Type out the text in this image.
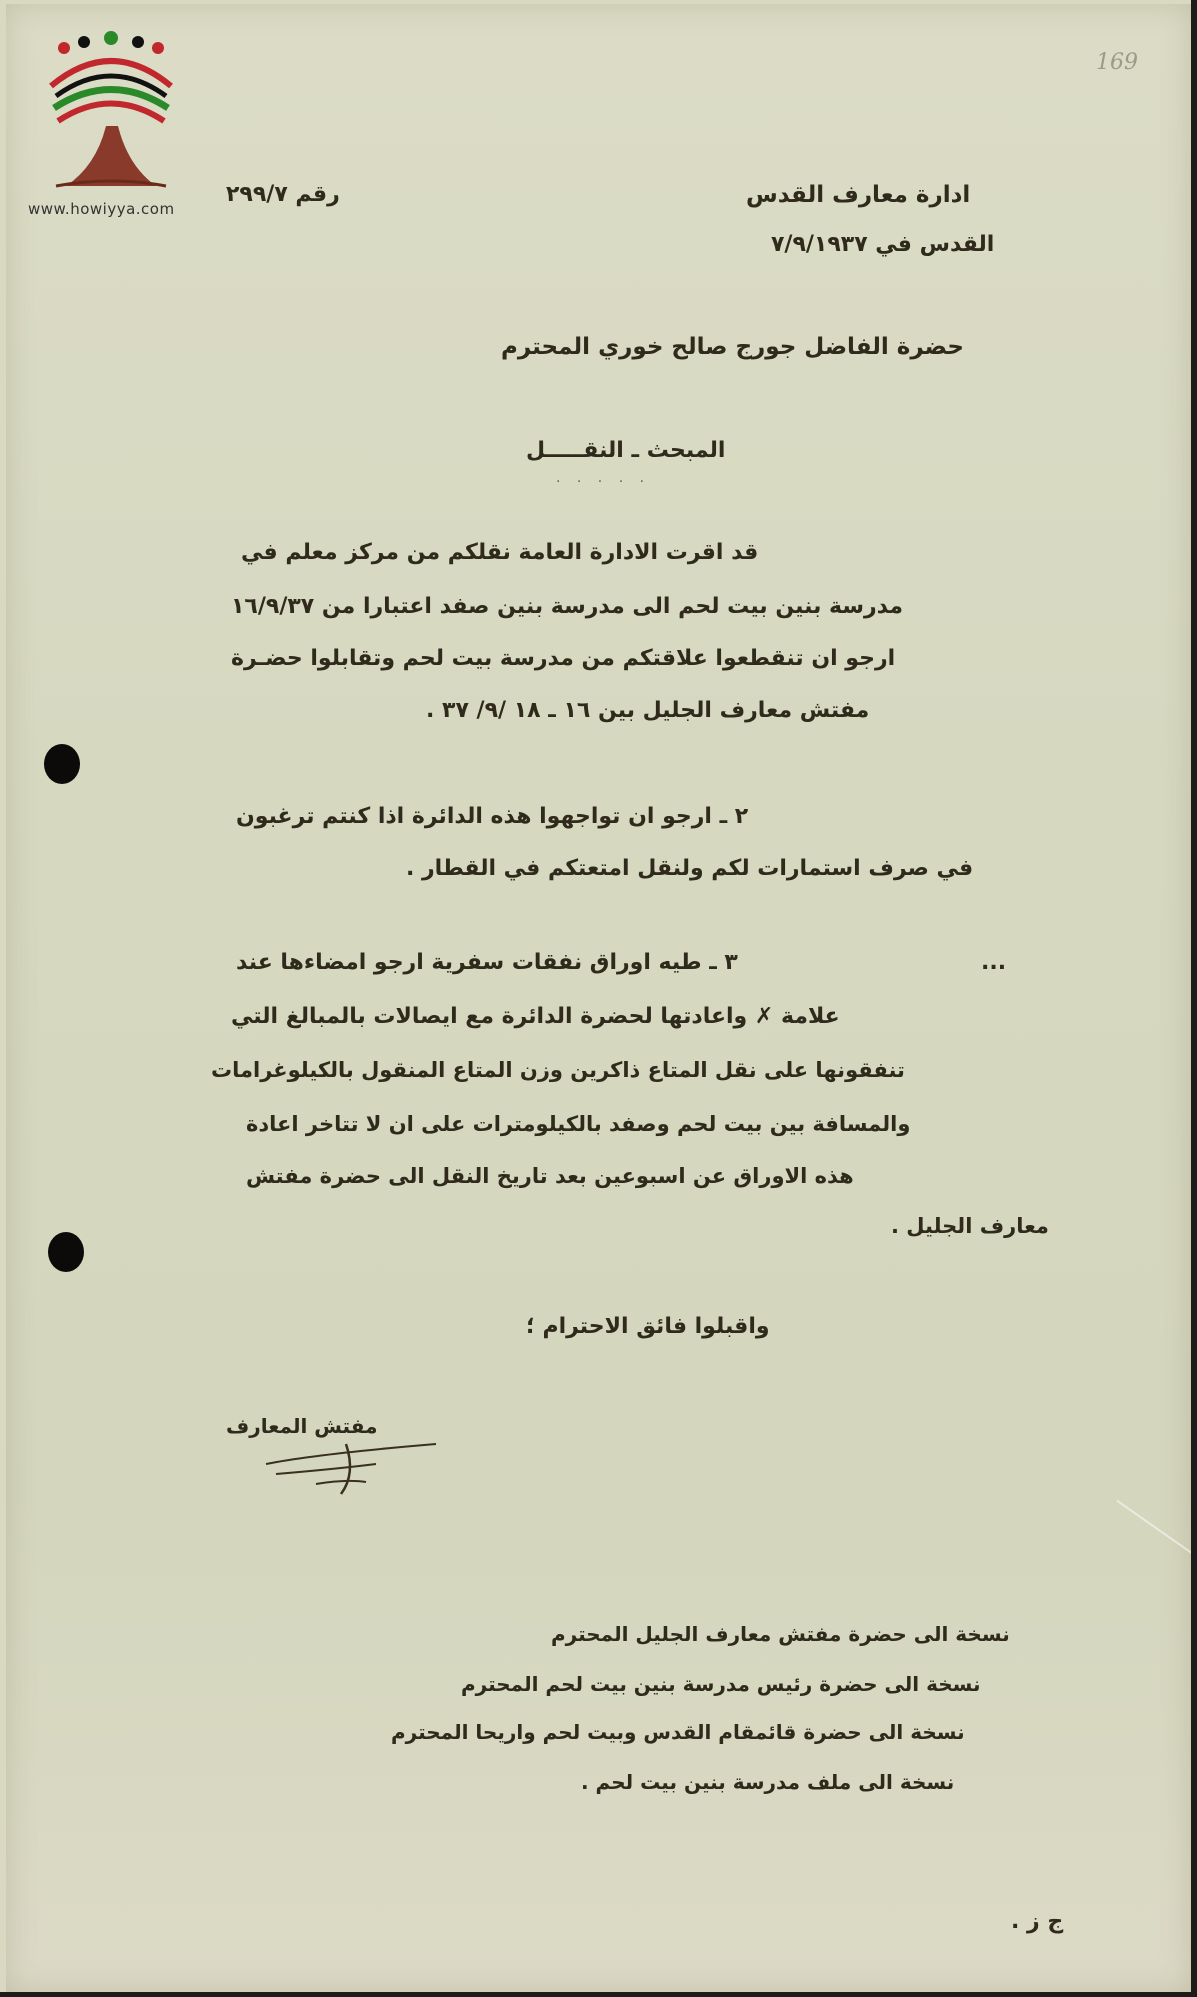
www.howiyya.com
169
رقم ٢٩٩/٧	ادارة معارف القدس
القدس في ٧/٩/١٩٣٧
حضرة الفاضل جورج صالح خوري المحترم
المبحث ـ النقـــــل
· · · · ·
قد اقرت الادارة العامة نقلكم من مركز معلم في
مدرسة بنين بيت لحم الى مدرسة بنين صفد اعتبارا من ١٦/٩/٣٧
ارجو ان تنقطعوا علاقتكم من مدرسة بيت لحم وتقابلوا حضـرة
مفتش معارف الجليل بين ١٦ ـ ١٨ /٩/ ٣٧ .
٢ ـ ارجو ان تواجهوا هذه الدائرة اذا كنتم ترغبون
في صرف استمارات لكم ولنقل امتعتكم في القطار .
...
٣ ـ طيه اوراق نفقات سفرية ارجو امضاءها عند
علامة ✗ واعادتها لحضرة الدائرة مع ايصالات بالمبالغ التي
تنفقونها على نقل المتاع ذاكرين وزن المتاع المنقول بالكيلوغرامات
والمسافة بين بيت لحم وصفد بالكيلومترات على ان لا تتاخر اعادة
هذه الاوراق عن اسبوعين بعد تاريخ النقل الى حضرة مفتش
معارف الجليل .
واقبلوا فائق الاحترام ؛
مفتش المعارف
نسخة الى حضرة مفتش معارف الجليل المحترم
نسخة الى حضرة رئيس مدرسة بنين بيت لحم المحترم
نسخة الى حضرة قائمقام القدس وبيت لحم واريحا المحترم
نسخة الى ملف مدرسة بنين بيت لحم .
ج ز .
